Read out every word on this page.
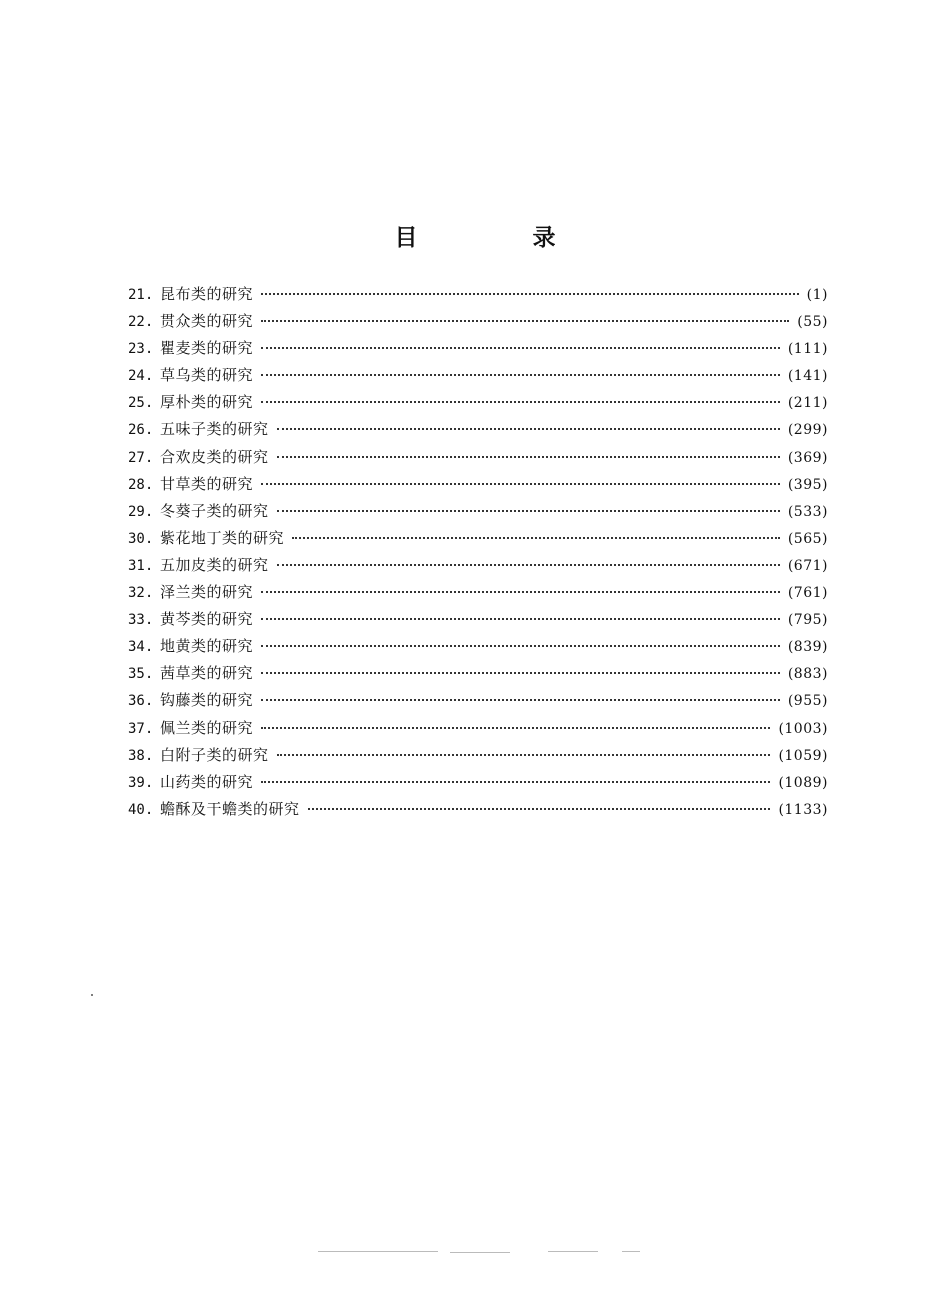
目　录
21. 昆布类的研究	(1)
22. 贯众类的研究	(55)
23. 瞿麦类的研究	(111)
24. 草乌类的研究	(141)
25. 厚朴类的研究	(211)
26. 五味子类的研究	(299)
27. 合欢皮类的研究	(369)
28. 甘草类的研究	(395)
29. 冬葵子类的研究	(533)
30. 紫花地丁类的研究	(565)
31. 五加皮类的研究	(671)
32. 泽兰类的研究	(761)
33. 黄芩类的研究	(795)
34. 地黄类的研究	(839)
35. 茜草类的研究	(883)
36. 钩藤类的研究	(955)
37. 佩兰类的研究	(1003)
38. 白附子类的研究	(1059)
39. 山药类的研究	(1089)
40. 蟾酥及干蟾类的研究	(1133)
